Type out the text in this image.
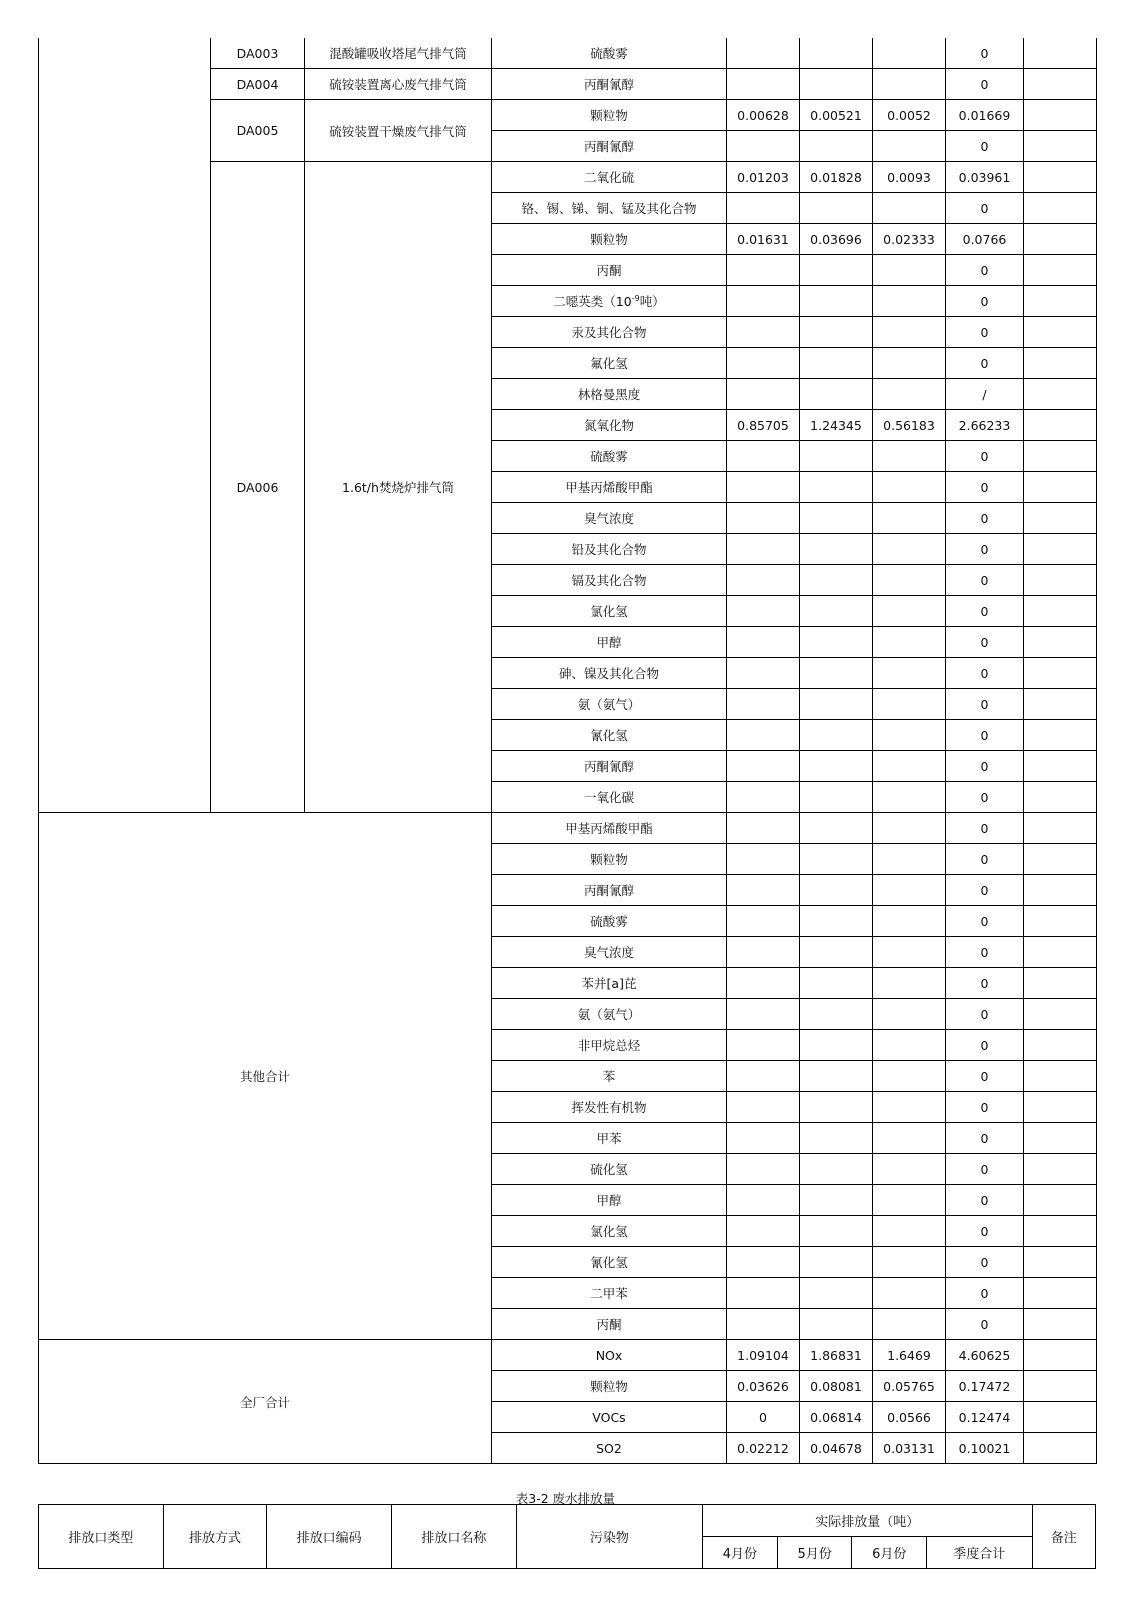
	DA003	混酸罐吸收塔尾气排气筒	硫酸雾				0	
	DA004	硫铵装置离心废气排气筒	丙酮氰醇				0	
	DA005	硫铵装置干燥废气排气筒	颗粒物	0.00628	0.00521	0.0052	0.01669	
			丙酮氰醇				0	
	DA006	1.6t/h焚烧炉排气筒	二氧化硫	0.01203	0.01828	0.0093	0.03961	
			铬、锡、锑、铜、锰及其化合物				0	
			颗粒物	0.01631	0.03696	0.02333	0.0766	
			丙酮				0	
			二噁英类（$10^{-9}$吨）				0	
			汞及其化合物				0	
			氟化氢				0	
			林格曼黑度				/	
			氮氧化物	0.85705	1.24345	0.56183	2.66233	
			硫酸雾				0	
			甲基丙烯酸甲酯				0	
			臭气浓度				0	
			铅及其化合物				0	
			镉及其化合物				0	
			氯化氢				0	
			甲醇				0	
			砷、镍及其化合物				0	
			氨（氨气）				0	
			氰化氢				0	
			丙酮氰醇				0	
			一氧化碳				0	
其他合计			甲基丙烯酸甲酯				0	
			颗粒物				0	
			丙酮氰醇				0	
			硫酸雾				0	
			臭气浓度				0	
			苯并[a]芘				0	
			氨（氨气）				0	
			非甲烷总烃				0	
			苯				0	
			挥发性有机物				0	
			甲苯				0	
			硫化氢				0	
			甲醇				0	
			氯化氢				0	
			氰化氢				0	
			二甲苯				0	
			丙酮				0	
全厂合计			NOx	1.09104	1.86831	1.6469	4.60625	
			颗粒物	0.03626	0.08081	0.05765	0.17472	
			VOCs	0	0.06814	0.0566	0.12474	
			SO2	0.02212	0.04678	0.03131	0.10021	
表3-2 废水排放量
排放口类型	排放方式	排放口编码	排放口名称	污染物	实际排放量（吨）				备注
					4月份	5月份	6月份	季度合计	
